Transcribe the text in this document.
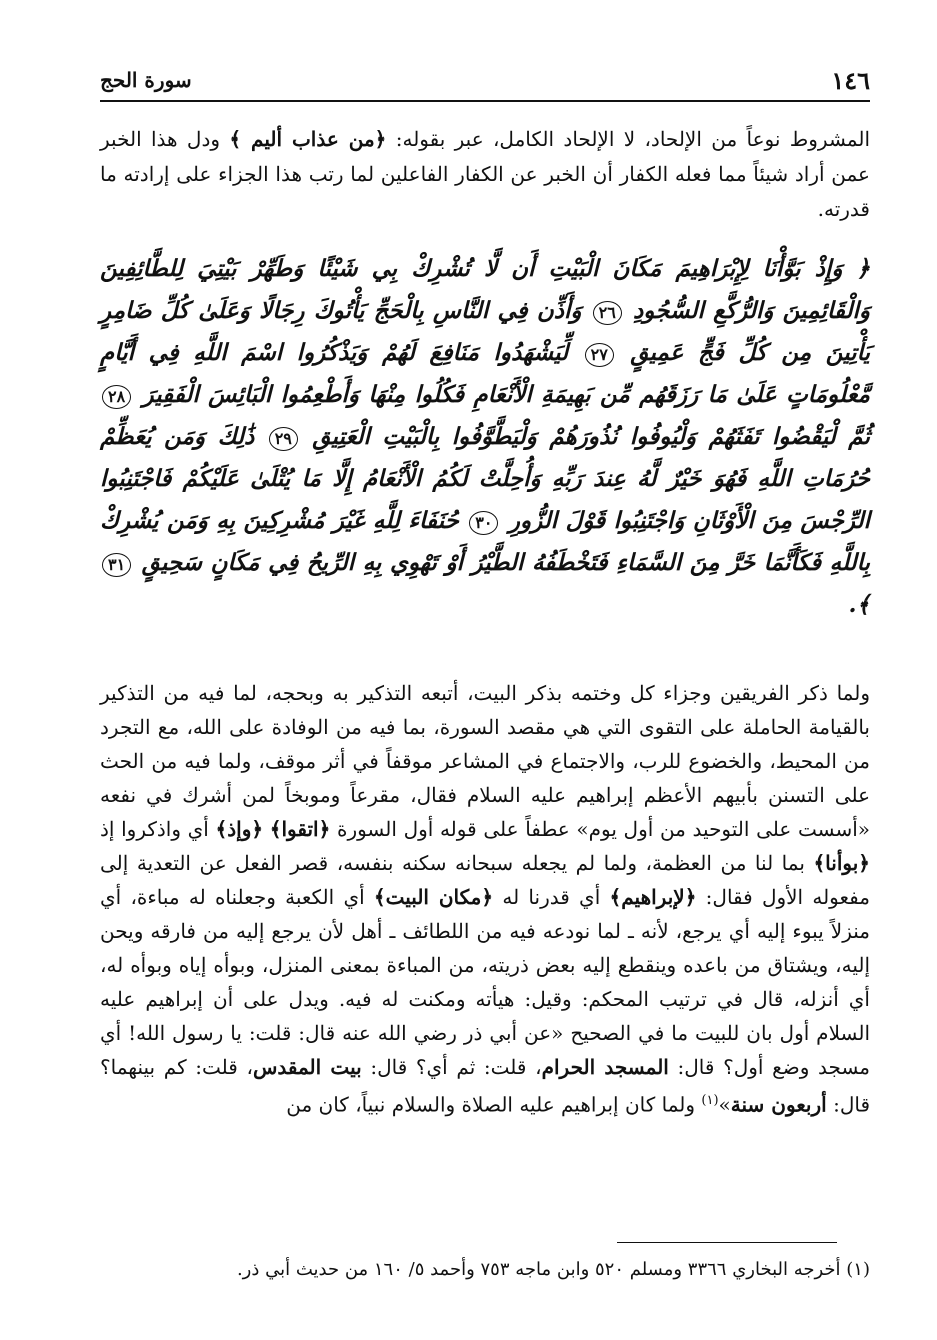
١٤٦
سورة الحج
المشروط نوعاً من الإلحاد، لا الإلحاد الكامل، عبر بقوله: ﴿من عذاب أليم ﴾ ودل هذا الخبر عمن أراد شيئاً مما فعله الكفار أن الخبر عن الكفار الفاعلين لما رتب هذا الجزاء على إرادته ما قدرته.
﴿ وَإِذْ بَوَّأْنَا لِإِبْرَاهِيمَ مَكَانَ الْبَيْتِ أَن لَّا تُشْرِكْ بِي شَيْئًا وَطَهِّرْ بَيْتِيَ لِلطَّائِفِينَ وَالْقَائِمِينَ وَالرُّكَّعِ السُّجُودِ ٢٦ وَأَذِّن فِي النَّاسِ بِالْحَجِّ يَأْتُوكَ رِجَالًا وَعَلَىٰ كُلِّ ضَامِرٍ يَأْتِينَ مِن كُلِّ فَجٍّ عَمِيقٍ ٢٧ لِّيَشْهَدُوا مَنَافِعَ لَهُمْ وَيَذْكُرُوا اسْمَ اللَّهِ فِي أَيَّامٍ مَّعْلُومَاتٍ عَلَىٰ مَا رَزَقَهُم مِّن بَهِيمَةِ الْأَنْعَامِ فَكُلُوا مِنْهَا وَأَطْعِمُوا الْبَائِسَ الْفَقِيرَ ٢٨ ثُمَّ لْيَقْضُوا تَفَثَهُمْ وَلْيُوفُوا نُذُورَهُمْ وَلْيَطَّوَّفُوا بِالْبَيْتِ الْعَتِيقِ ٢٩ ذَٰلِكَ وَمَن يُعَظِّمْ حُرُمَاتِ اللَّهِ فَهُوَ خَيْرٌ لَّهُ عِندَ رَبِّهِ وَأُحِلَّتْ لَكُمُ الْأَنْعَامُ إِلَّا مَا يُتْلَىٰ عَلَيْكُمْ فَاجْتَنِبُوا الرِّجْسَ مِنَ الْأَوْثَانِ وَاجْتَنِبُوا قَوْلَ الزُّورِ ٣٠ حُنَفَاءَ لِلَّهِ غَيْرَ مُشْرِكِينَ بِهِ وَمَن يُشْرِكْ بِاللَّهِ فَكَأَنَّمَا خَرَّ مِنَ السَّمَاءِ فَتَخْطَفُهُ الطَّيْرُ أَوْ تَهْوِي بِهِ الرِّيحُ فِي مَكَانٍ سَحِيقٍ ٣١ ﴾.
ولما ذكر الفريقين وجزاء كل وختمه بذكر البيت، أتبعه التذكير به وبحجه، لما فيه من التذكير بالقيامة الحاملة على التقوى التي هي مقصد السورة، بما فيه من الوفادة على الله، مع التجرد من المحيط، والخضوع للرب، والاجتماع في المشاعر موقفاً في أثر موقف، ولما فيه من الحث على التسنن بأبيهم الأعظم إبراهيم عليه السلام فقال، مقرعاً وموبخاً لمن أشرك في نفعه «أسست على التوحيد من أول يوم» عطفاً على قوله أول السورة ﴿اتقوا﴾ ﴿وإذ﴾ أي واذكروا إذ ﴿بوأنا﴾ بما لنا من العظمة، ولما لم يجعله سبحانه سكنه بنفسه، قصر الفعل عن التعدية إلى مفعوله الأول فقال: ﴿لإبراهيم﴾ أي قدرنا له ﴿مكان البيت﴾ أي الكعبة وجعلناه له مباءة، أي منزلاً يبوء إليه أي يرجع، لأنه ـ لما نودعه فيه من اللطائف ـ أهل لأن يرجع إليه من فارقه ويحن إليه، ويشتاق من باعده وينقطع إليه بعض ذريته، من المباءة بمعنى المنزل، وبوأه إياه وبوأه له، أي أنزله، قال في ترتيب المحكم: وقيل: هيأته ومكنت له فيه. ويدل على أن إبراهيم عليه السلام أول بان للبيت ما في الصحيح «عن أبي ذر رضي الله عنه قال: قلت: يا رسول الله! أي مسجد وضع أول؟ قال: المسجد الحرام، قلت: ثم أي؟ قال: بيت المقدس، قلت: كم بينهما؟ قال: أربعون سنة»$^{(١)}$ ولما كان إبراهيم عليه الصلاة والسلام نبياً، كان من
(١) أخرجه البخاري ٣٣٦٦ ومسلم ٥٢٠ وابن ماجه ٧٥٣ وأحمد ٥/ ١٦٠ من حديث أبي ذر.
